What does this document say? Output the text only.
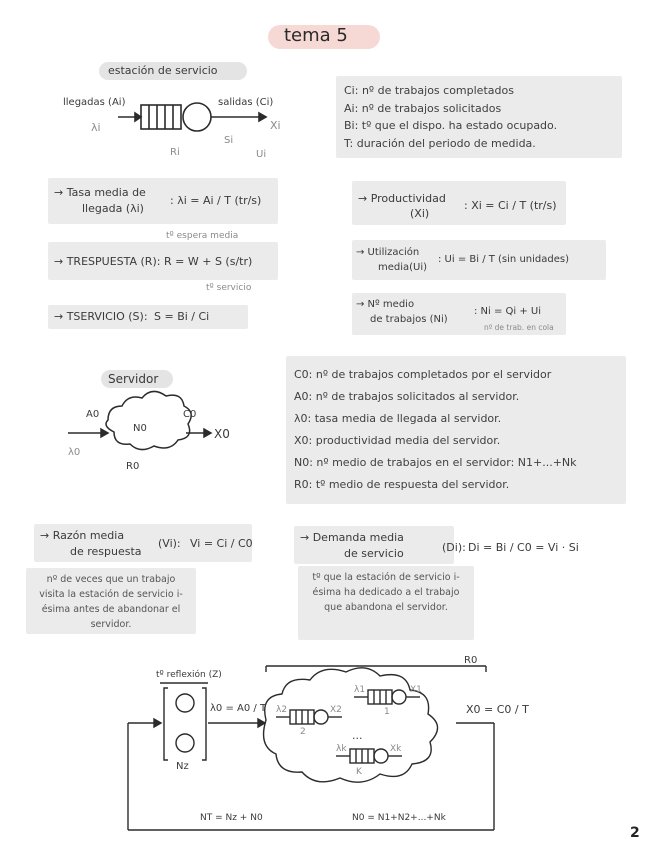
tema 5
estación de servicio
llegadas (Ai)
λi
salidas (Ci)
Xi
Ri
Si
Ui
Ci: nº de trabajos completados
Ai: nº de trabajos solicitados
Bi: tº que el dispo. ha estado ocupado.
T: duración del periodo de medida.
→ Tasa media de
llegada (λi)
: λi = Ai / T (tr/s)
tº espera media
→ TRESPUESTA (R): R = W + S (s/tr)
tº servicio
→ TSERVICIO (S): S = Bi / Ci
→ Productividad
(Xi)
: Xi = Ci / T (tr/s)
→ Utilización
media(Ui)
: Ui = Bi / T (sin unidades)
→ Nº medio
de trabajos (Ni)
: Ni = Qi + Ui
nº de trab. en cola
Servidor
A0	C0
N0	X0
λ0
R0
C0: nº de trabajos completados por el servidor
A0: nº de trabajos solicitados al servidor.
λ0: tasa media de llegada al servidor.
X0: productividad media del servidor.
N0: nº medio de trabajos en el servidor: N1+...+Nk
R0: tº medio de respuesta del servidor.
→ Razón media
de respuesta
(Vi): Vi = Ci / C0
nº de veces que un trabajo visita la estación de servicio i-ésima antes de abandonar el servidor.
→ Demanda media
de servicio	(Di): Di = Bi / C0 = Vi · Si
tº que la estación de servicio i-ésima ha dedicado a el trabajo que abandona el servidor.
tº reflexión (Z)
λ0 = A0 / T
Nz
R0
X0 = C0 / T
λ1	X1
1
λ2	X2
2	...
λk	Xk
K
NT = Nz + N0	N0 = N1+N2+...+Nk
2
